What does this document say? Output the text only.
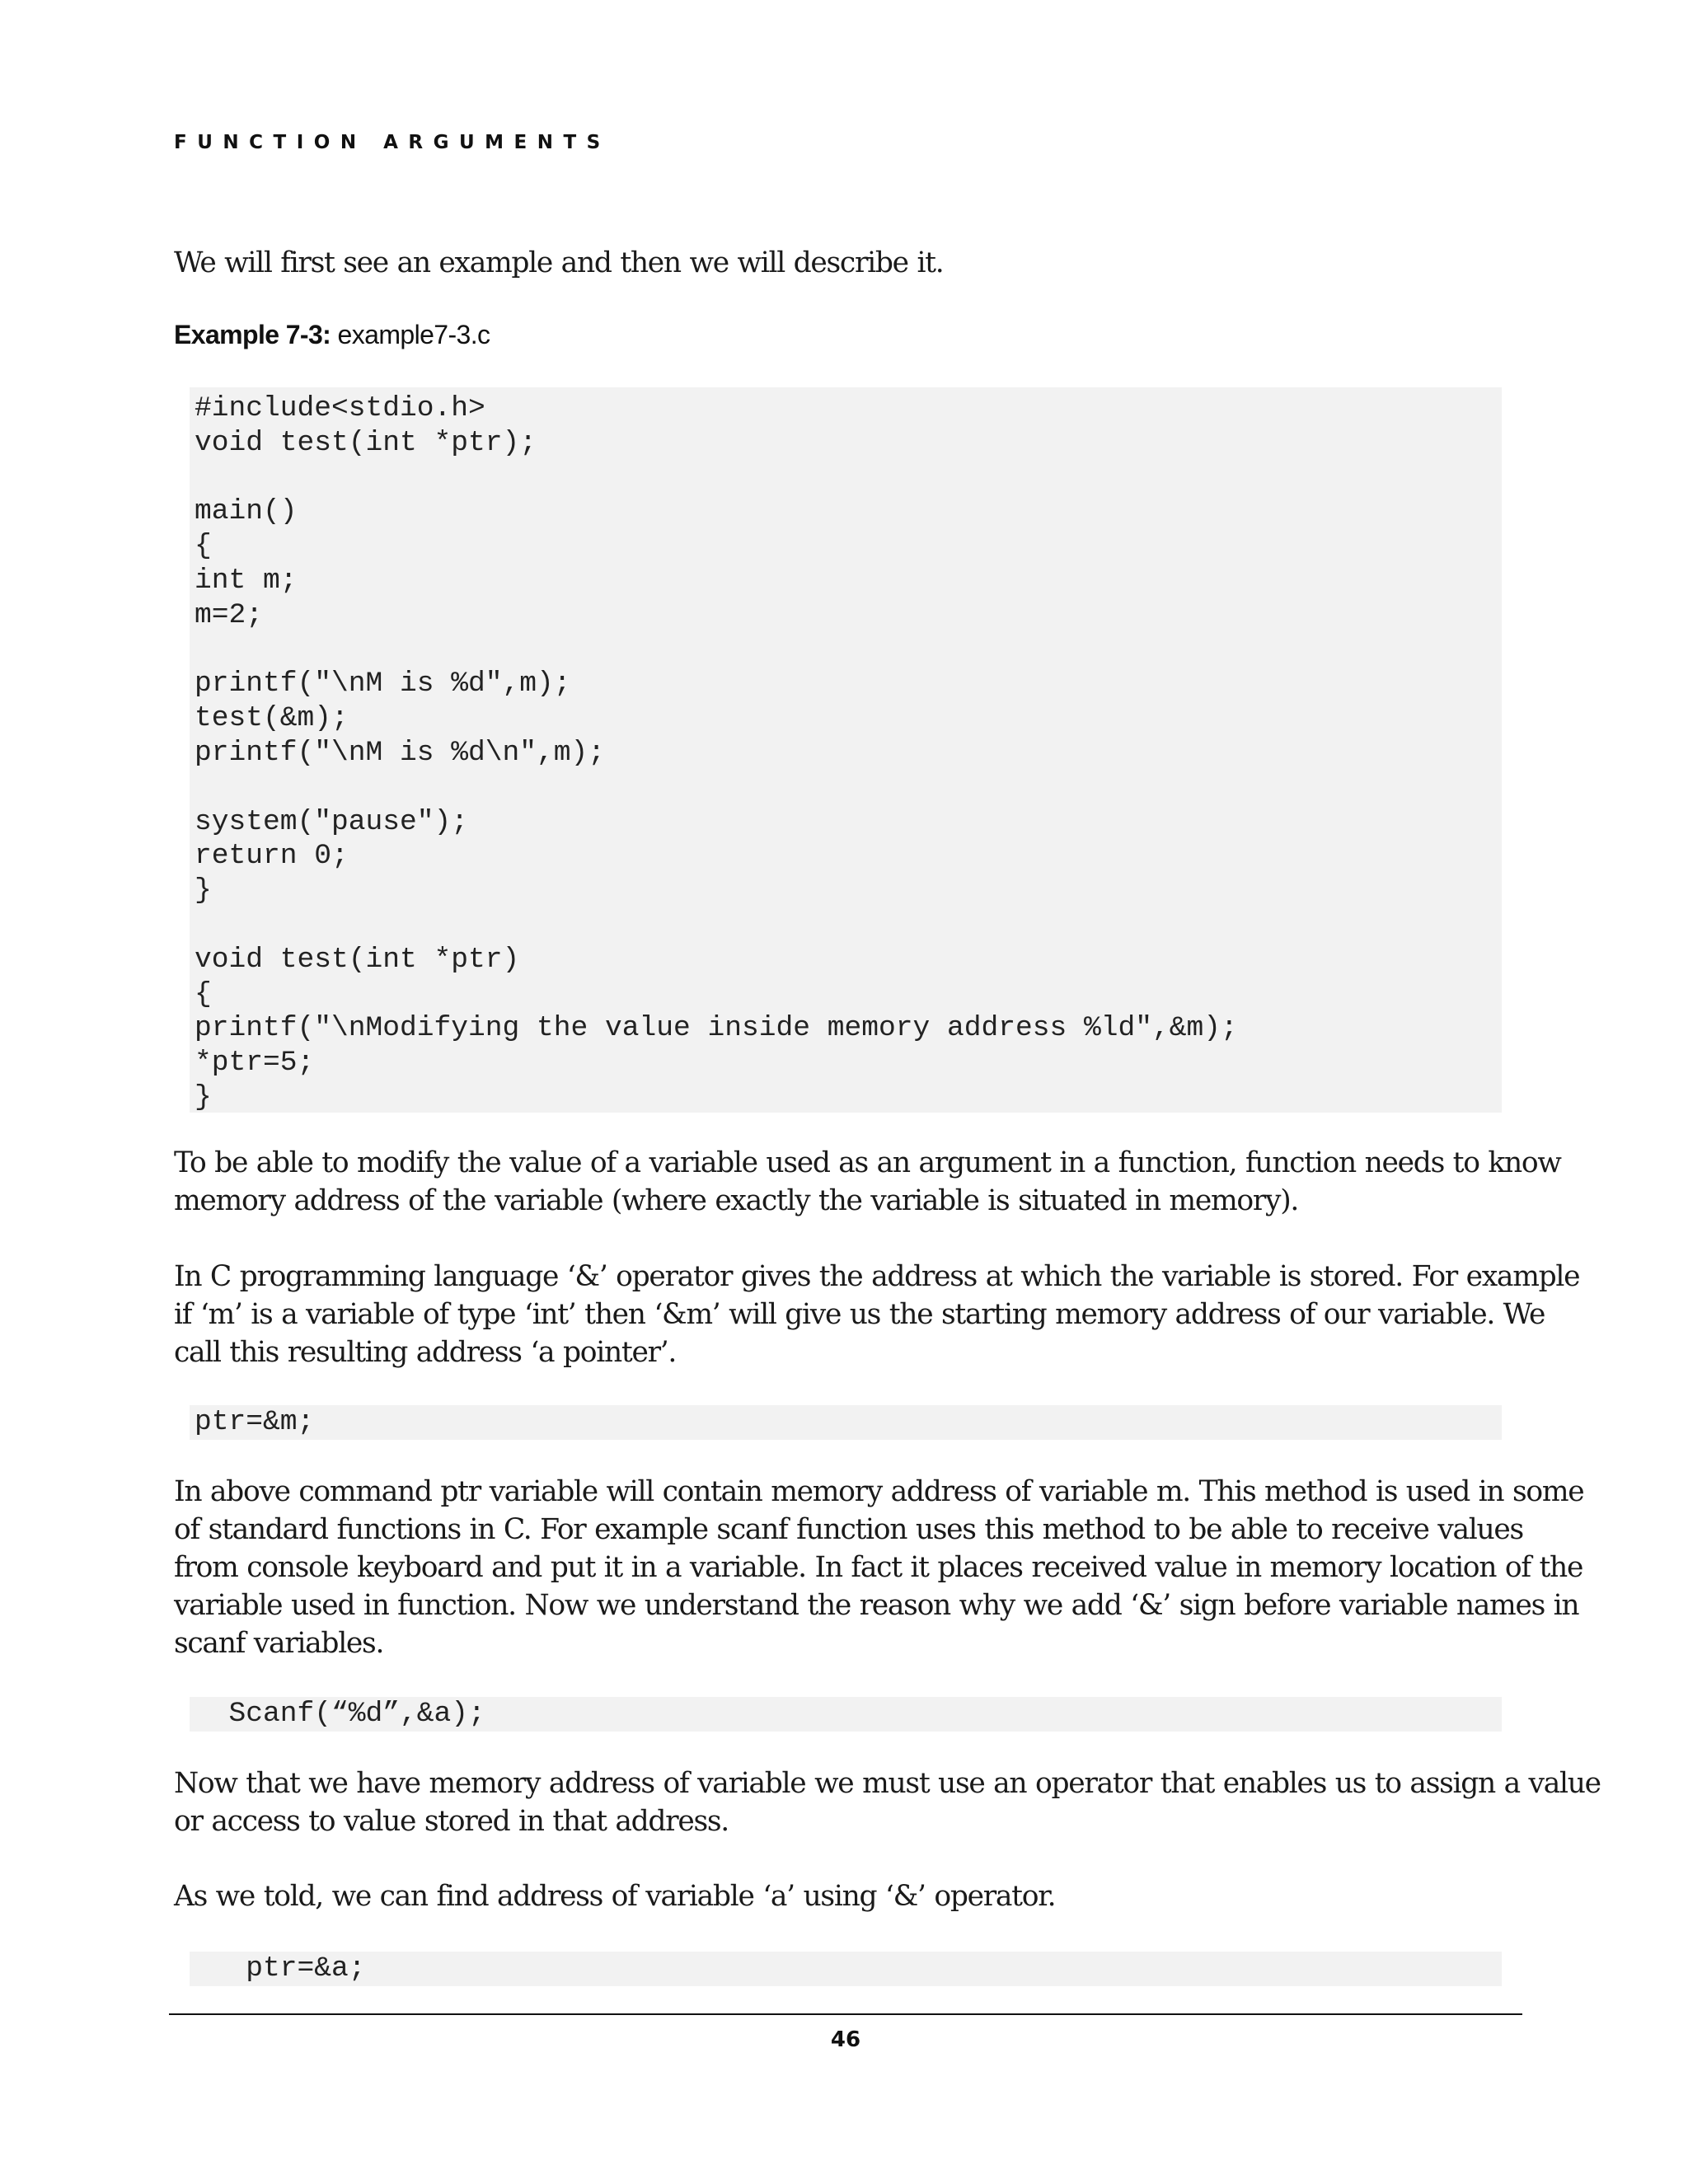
FUNCTION ARGUMENTS

We will first see an example and then we will describe it.

Example 7-3: example7-3.c
#include<stdio.h>
void test(int *ptr);
main()
{
int m;
m=2;
printf("\nM is %d",m);
test(&m);
printf("\nM is %d\n",m);
system("pause");
return 0;
}
void test(int *ptr)
{
printf("\nModifying the value inside memory address %ld",&m);
*ptr=5;
}
To be able to modify the value of a variable used as an argument in a function, function needs to know
memory address of the variable (where exactly the variable is situated in memory).
In C programming language ‘&’ operator gives the address at which the variable is stored. For example
if ‘m’ is a variable of type ‘int’ then ‘&m’ will give us the starting memory address of our variable. We
call this resulting address ‘a pointer’.
ptr=&m;
In above command ptr variable will contain memory address of variable m. This method is used in some
of standard functions in C. For example scanf function uses this method to be able to receive values
from console keyboard and put it in a variable. In fact it places received value in memory location of the
variable used in function. Now we understand the reason why we add ‘&’ sign before variable names in
scanf variables.
Scanf(“%d”,&a);
Now that we have memory address of variable we must use an operator that enables us to assign a value
or access to value stored in that address.
As we told, we can find address of variable ‘a’ using ‘&’ operator.
ptr=&a;
46
